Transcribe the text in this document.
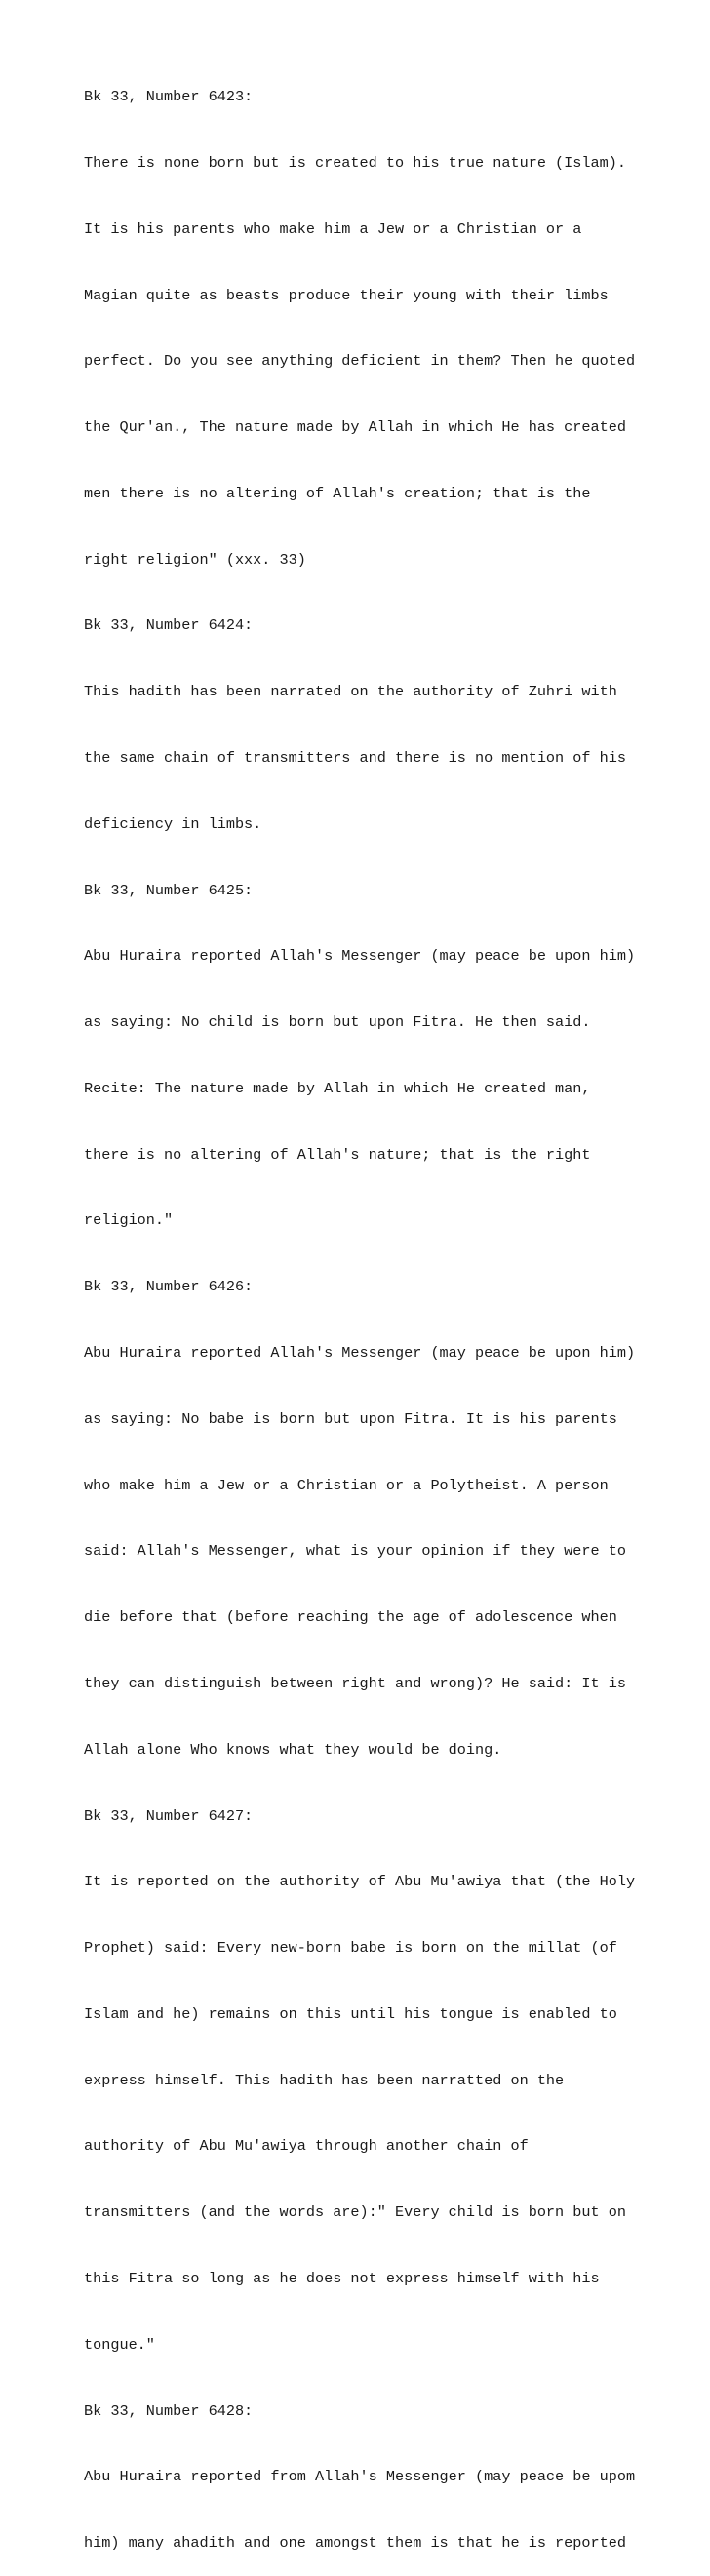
Bk 33, Number 6423:

There is none born but is created to his true nature (Islam).

It is his parents who make him a Jew or a Christian or a

Magian quite as beasts produce their young with their limbs

perfect. Do you see anything deficient in them? Then he quoted

the Qur'an., The nature made by Allah in which He has created

men there is no altering of Allah's creation; that is the

right religion" (xxx. 33)

Bk 33, Number 6424:

This hadith has been narrated on the authority of Zuhri with

the same chain of transmitters and there is no mention of his

deficiency in limbs.

Bk 33, Number 6425:

Abu Huraira reported Allah's Messenger (may peace be upon him)

as saying: No child is born but upon Fitra. He then said.

Recite: The nature made by Allah in which He created man,

there is no altering of Allah's nature; that is the right

religion."

Bk 33, Number 6426:

Abu Huraira reported Allah's Messenger (may peace be upon him)

as saying: No babe is born but upon Fitra. It is his parents

who make him a Jew or a Christian or a Polytheist. A person

said: Allah's Messenger, what is your opinion if they were to

die before that (before reaching the age of adolescence when

they can distinguish between right and wrong)? He said: It is

Allah alone Who knows what they would be doing.

Bk 33, Number 6427:

It is reported on the authority of Abu Mu'awiya that (the Holy

Prophet) said: Every new-born babe is born on the millat (of

Islam and he) remains on this until his tongue is enabled to

express himself. This hadith has been narratted on the

authority of Abu Mu'awiya through another chain of

transmitters (and the words are):" Every child is born but on

this Fitra so long as he does not express himself with his

tongue."

Bk 33, Number 6428:

Abu Huraira reported from Allah's Messenger (may peace be upom

him) many ahadith and one amongst them is that he is reported
